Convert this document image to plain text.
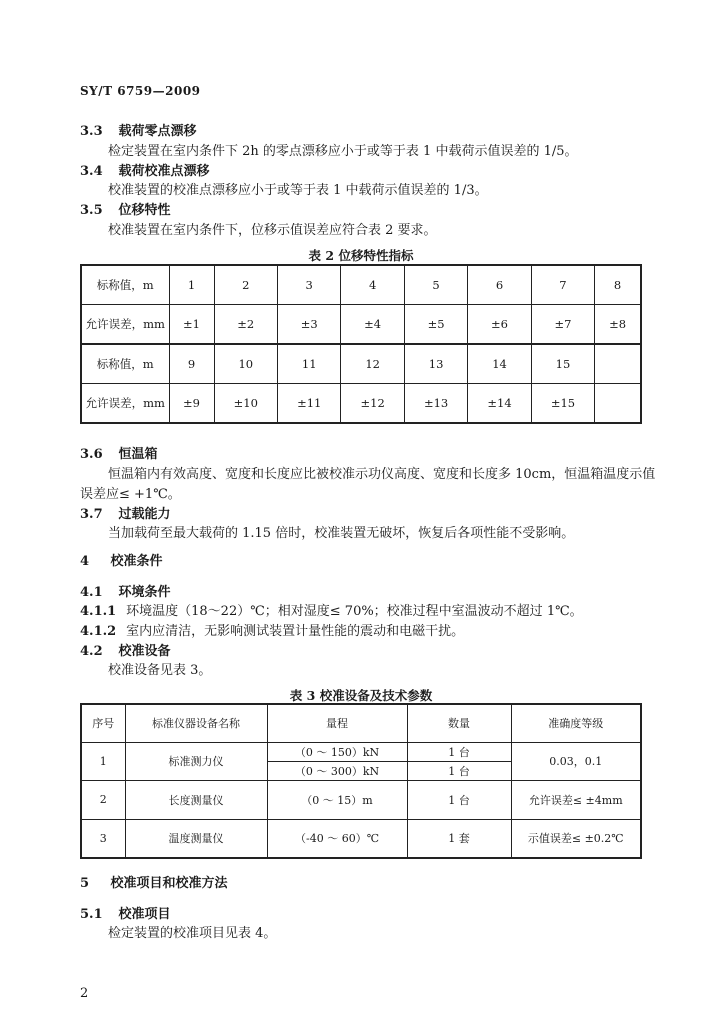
SY/T 6759—2009
3.3 载荷零点漂移
检定装置在室内条件下 2h 的零点漂移应小于或等于表 1 中载荷示值误差的 1/5。
3.4 载荷校准点漂移
校准装置的校准点漂移应小于或等于表 1 中载荷示值误差的 1/3。
3.5 位移特性
校准装置在室内条件下，位移示值误差应符合表 2 要求。
表 2 位移特性指标
标称值，m	1	2	3	4	5	6	7	8
允许误差，mm	±1	±2	±3	±4	±5	±6	±7	±8
标称值，m	9	10	11	12	13	14	15	
允许误差，mm	±9	±10	±11	±12	±13	±14	±15	
3.6 恒温箱
恒温箱内有效高度、宽度和长度应比被校准示功仪高度、宽度和长度多 10cm，恒温箱温度示值
误差应≤ +1℃。
3.7 过载能力
当加载荷至最大载荷的 1.15 倍时，校准装置无破坏，恢复后各项性能不受影响。
4 校准条件
4.1 环境条件
4.1.1 环境温度（18～22）℃；相对湿度≤ 70%；校准过程中室温波动不超过 1℃。
4.1.2 室内应清洁，无影响测试装置计量性能的震动和电磁干扰。
4.2 校准设备
校准设备见表 3。
表 3 校准设备及技术参数
序号	标准仪器设备名称	量程	数量	准确度等级
1	标准测力仪	（0 ～ 150）kN	1 台	0.03，0.1
		（0 ～ 300）kN	1 台	
2	长度测量仪	（0 ～ 15）m	1 台	允许误差≤ ±4mm
3	温度测量仪	（-40 ～ 60）℃	1 套	示值误差≤ ±0.2℃
5 校准项目和校准方法
5.1 校准项目
检定装置的校准项目见表 4。
2
